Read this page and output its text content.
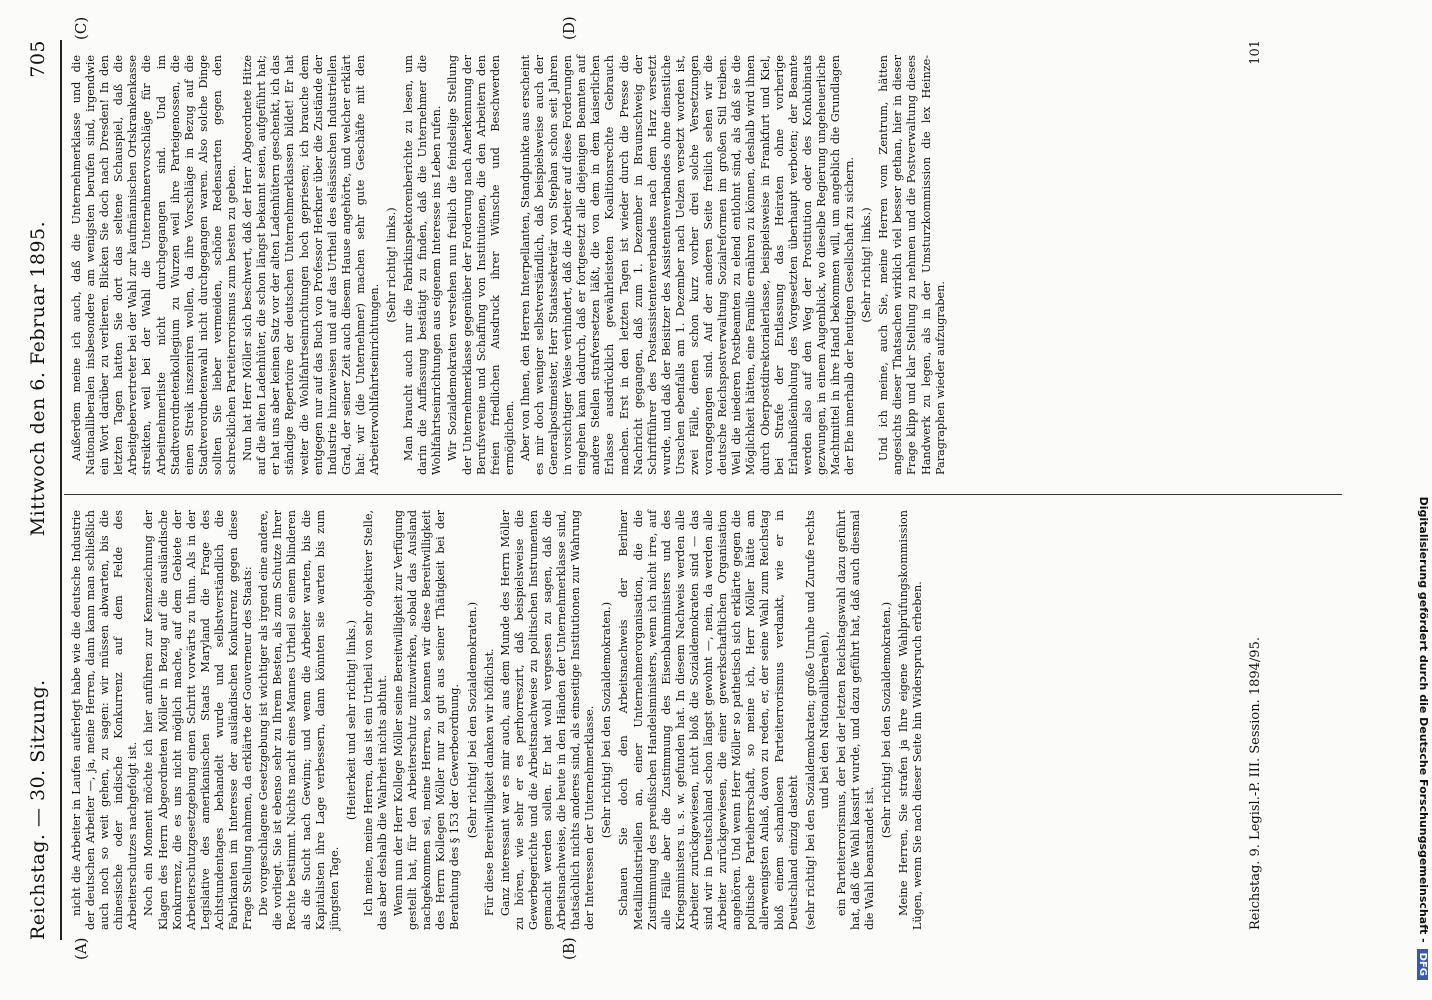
Reichstag. — 30. Sitzung.
Mittwoch den 6. Februar 1895.
705
(A)	(B)
(C)	(D)

nicht die Arbeiter in Laufen auferlegt habe wie die deutsche Industrie der deutschen Arbeiter —, ja, meine Herren, dann kann man schließlich auch noch so weit gehen, zu sagen: wir müssen abwarten, bis die chinesische oder indische Konkurrenz auf dem Felde des Arbeiterschutzes nachgefolgt ist. Noch ein Moment möchte ich hier anführen zur Kennzeichnung der Klagen des Herrn Abgeordneten Möller in Bezug auf die ausländische Konkurrenz, die es uns nicht möglich mache, auf dem Gebiete der Arbeiterschutzgesetzgebung einen Schritt vorwärts zu thun. Als in der Legislative des amerikanischen Staats Maryland die Frage des Achtstundentages behandelt wurde und selbstverständlich die Fabrikanten im Interesse der ausländischen Konkurrenz gegen diese Frage Stellung nahmen, da erklärte der Gouverneur des Staats: Die vorgeschlagene Gesetzgebung ist wichtiger als irgend eine andere, die vorliegt. Sie ist ebenso sehr zu Ihrem Besten, als zum Schutze Ihrer Rechte bestimmt. Nichts macht eines Mannes Urtheil so einem blinderen als die Sucht nach Gewinn; und wenn die Arbeiter warten, bis die Kapitalisten ihre Lage verbessern, dann könnten sie warten bis zum jüngsten Tage.

(Heiterkeit und sehr richtig! links.) Ich meine, meine Herren, das ist ein Urtheil von sehr objektiver Stelle, das aber deshalb die Wahrheit nichts abthut. Wenn nun der Herr Kollege Möller seine Bereitwilligkeit zur Verfügung gestellt hat, für den Arbeiterschutz mitzuwirken, sobald das Ausland nachgekommen sei, meine Herren, so kennen wir diese Bereitwilligkeit des Herrn Kollegen Möller nur zu gut aus seiner Thätigkeit bei der Berathung des § 153 der Gewerbeordnung. (Sehr richtig! bei den Sozialdemokraten.) Für diese Bereitwilligkeit danken wir höflichst. Ganz interessant war es mir auch, aus dem Munde des Herrn Möller zu hören, wie sehr er es perhorreszirt, daß beispielsweise die Gewerbegerichte und die Arbeitsnachweise zu politischen Instrumenten gemacht werden sollen. Er hat wohl vergessen zu sagen, daß die Arbeitsnachweise, die heute in den Händen der Unternehmerklasse sind, thatsächlich nichts anderes sind, als einseitige Institutionen zur Wahrung der Interessen der Unternehmerklasse. (Sehr richtig! bei den Sozialdemokraten.) Schauen Sie doch den Arbeitsnachweis der Berliner Metallindustriellen an, einer Unternehmerorganisation, die die Zustimmung des preußischen Handelsministers, wenn ich nicht irre, auf alle Fälle aber die Zustimmung des Eisenbahnministers und des Kriegsministers u. s. w. gefunden hat. In diesem Nachweis werden alle Arbeiter zurückgewiesen, nicht bloß die Sozialdemokraten sind — das sind wir in Deutschland schon längst gewohnt —, nein, da werden alle Arbeiter zurückgewiesen, die einer gewerkschaftlichen Organisation angehören. Und wenn Herr Möller so pathetisch sich erklärte gegen die politische Parteiherrschaft, so meine ich, Herr Möller hätte am allerwenigsten Anlaß, davon zu reden, er, der seine Wahl zum Reichstag bloß einem schamlosen Parteiterrorismus verdankt, wie er in Deutschland einzig dasteht (sehr richtig! bei den Sozialdemokraten; große Unruhe und Zurufe rechts und bei den Nationalliberalen), ein Parteiterrorismus, der bei der letzten Reichstagswahl dazu geführt hat, daß die Wahl kassirt wurde, und dazu geführt hat, daß auch diesmal die Wahl beanstandet ist.

(Sehr richtig! bei den Sozialdemokraten.) Meine Herren, Sie strafen ja Ihre eigene Wahlprüfungskommission Lügen, wenn Sie nach dieser Seite hin Widerspruch erheben.

Außerdem meine ich auch, daß die Unternehmerklasse und die Nationalliberalen insbesondere am wenigsten berufen sind, irgendwie ein Wort darüber zu verlieren. Blicken Sie doch nach Dresden! In den letzten Tagen hatten Sie dort das seltene Schauspiel, daß die Arbeitgebervertreter bei der Wahl zur kaufmännischen Ortskrankenkasse streikten, weil bei der Wahl die Unternehmervorschläge für die Arbeitnehmerliste nicht durchgegangen sind. Und im Stadtverordnetenkollegium zu Wurzen weil ihre Parteigenossen, die einen Streik inszeniren wollen, da ihre Vorschläge in Bezug auf die Stadtverordnetenwahl nicht durchgegangen waren. Also solche Dinge sollten Sie lieber vermeiden, schöne Redensarten gegen den schrecklichen Parteiterrorismus zum besten zu geben. Nun hat Herr Möller sich beschwert, daß der Herr Abgeordnete Hitze auf die alten Ladenhüter, die schon längst bekannt seien, aufgeführt hat; er hat uns aber keinen Satz vor der alten Ladenhütern geschenkt, ich das ständige Repertoire der deutschen Unternehmerklassen bildet! Er hat weiter die Wohlfahrtseinrichtungen hoch gepriesen; ich brauche dem entgegen nur auf das Buch von Professor Herkner über die Zustände der Industrie hinzuweisen und auf das Urtheil des elsässischen Industriellen Grad, der seiner Zeit auch diesem Hause angehörte, und welcher erklärt hat: wir (die Unternehmer) machen sehr gute Geschäfte mit den Arbeiterwohlfahrtseinrichtungen.

(Sehr richtig! links.) Man braucht auch nur die Fabrikinspektorenberichte zu lesen, um darin die Auffassung bestätigt zu finden, daß die Unternehmer die Wohlfahrtseinrichtungen aus eigenem Interesse ins Leben rufen. Wir Sozialdemokraten verstehen nun freilich die feindselige Stellung der Unternehmerklasse gegenüber der Forderung nach Anerkennung der Berufsvereine und Schaffung von Institutionen, die den Arbeitern den freien friedlichen Ausdruck ihrer Wünsche und Beschwerden ermöglichen. Aber von Ihnen, den Herren Interpellanten, Standpunkte aus erscheint es mir doch weniger selbstverständlich, daß beispielsweise auch der Generalpostmeister, Herr Staatssekretär von Stephan schon seit Jahren in vorsichtiger Weise verhindert, daß die Arbeiter auf diese Forderungen eingehen kann dadurch, daß er fortgesetzt alle diejenigen Beamten auf andere Stellen strafversetzen läßt, die von dem in dem kaiserlichen Erlasse ausdrücklich gewährleisteten Koalitionsrechte Gebrauch machen. Erst in den letzten Tagen ist wieder durch die Presse die Nachricht gegangen, daß zum 1. Dezember in Braunschweig der Schriftführer des Postassistentenverbandes nach dem Harz versetzt wurde, und daß der Beisitzer des Assistentenverbandes ohne dienstliche Ursachen ebenfalls am 1. Dezember nach Uelzen versetzt worden ist, zwei Fälle, denen schon kurz vorher drei solche Versetzungen vorangegangen sind. Auf der anderen Seite freilich sehen wir die deutsche Reichspostverwaltung Sozialreformen im großen Stil treiben. Weil die niederen Postbeamten zu elend entlohnt sind, als daß sie die Möglichkeit hätten, eine Familie ernähren zu können, deshalb wird ihnen durch Oberpostdirektorialerlasse, beispielsweise in Frankfurt und Kiel, bei Strafe der Entlassung das Heiraten ohne vorherige Erlaubnißeinholung des Vorgesetzten überhaupt verboten; der Beamte werden also auf den Weg der Prostitution oder des Konkubinats gezwungen, in einem Augenblick, wo dieselbe Regierung ungeheuerliche Machtmittel in ihre Hand bekommen will, um angeblich die Grundlagen der Ehe innerhalb der heutigen Gesellschaft zu sichern. (Sehr richtig! links.) Und ich meine, auch Sie, meine Herren vom Zentrum, hätten angesichts dieser Thatsachen wirklich viel besser gethan, hier in dieser Frage klipp und klar Stellung zu nehmen und die Postverwaltung dieses Handwerk zu legen, als in der Umsturzkommission die lex Heinze-Paragraphen wieder aufzugraben.

Reichstag. 9. Legisl.-P. III. Session. 1894/95.
101
Digitalisierung gefördert durch die Deutsche Forschungsgemeinschaft -DFG
